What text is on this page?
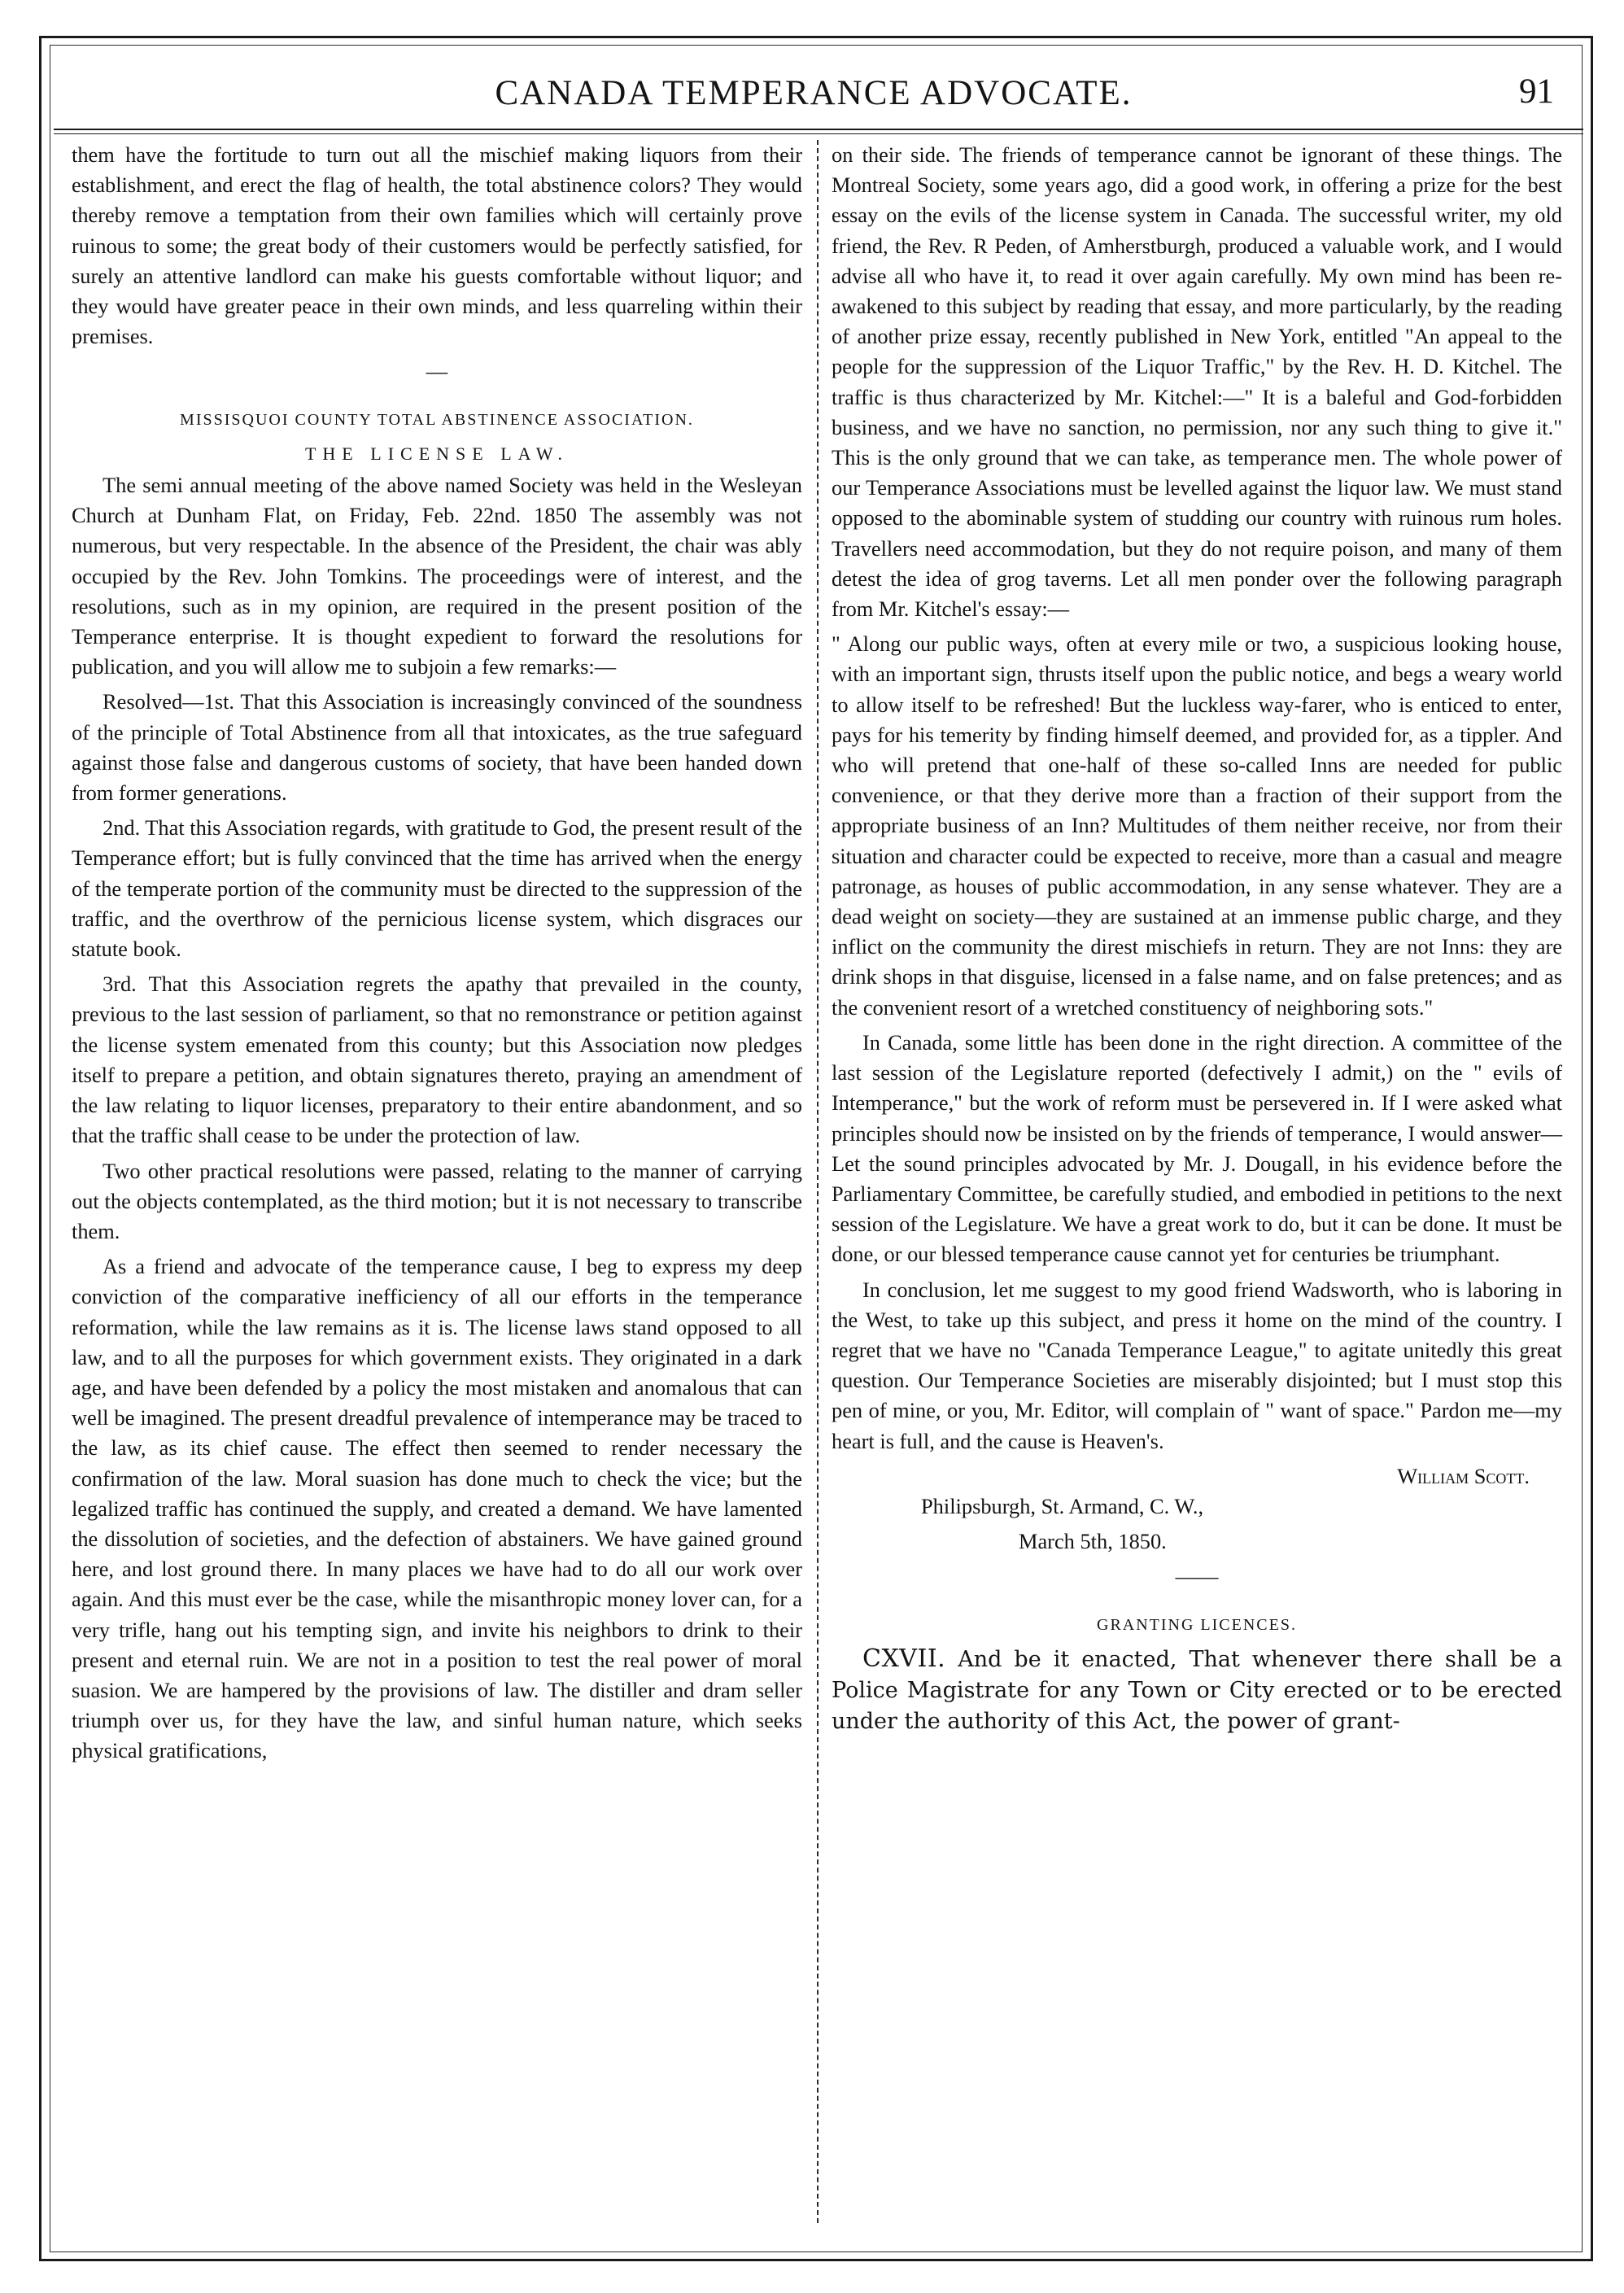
CANADA TEMPERANCE ADVOCATE.	91

them have the fortitude to turn out all the mischief making liquors from their establishment, and erect the flag of health, the total abstinence colors? They would thereby remove a temptation from their own families which will certainly prove ruinous to some; the great body of their customers would be perfectly satisfied, for surely an attentive landlord can make his guests comfortable without liquor; and they would have greater peace in their own minds, and less quarreling within their premises.

—
MISSISQUOI COUNTY TOTAL ABSTINENCE ASSOCIATION.
THE LICENSE LAW.

The semi annual meeting of the above named Society was held in the Wesleyan Church at Dunham Flat, on Friday, Feb. 22nd. 1850 The assembly was not numerous, but very respectable. In the absence of the President, the chair was ably occupied by the Rev. John Tomkins. The proceedings were of interest, and the resolutions, such as in my opinion, are required in the present position of the Temperance enterprise. It is thought expedient to forward the resolutions for publication, and you will allow me to subjoin a few remarks:—

Resolved—1st. That this Association is increasingly convinced of the soundness of the principle of Total Abstinence from all that intoxicates, as the true safeguard against those false and dangerous customs of society, that have been handed down from former generations.

2nd. That this Association regards, with gratitude to God, the present result of the Temperance effort; but is fully convinced that the time has arrived when the energy of the temperate portion of the community must be directed to the suppression of the traffic, and the overthrow of the pernicious license system, which disgraces our statute book.

3rd. That this Association regrets the apathy that prevailed in the county, previous to the last session of parliament, so that no remonstrance or petition against the license system emenated from this county; but this Association now pledges itself to prepare a petition, and obtain signatures thereto, praying an amendment of the law relating to liquor licenses, preparatory to their entire abandonment, and so that the traffic shall cease to be under the protection of law.

Two other practical resolutions were passed, relating to the manner of carrying out the objects contemplated, as the third motion; but it is not necessary to transcribe them.

As a friend and advocate of the temperance cause, I beg to express my deep conviction of the comparative inefficiency of all our efforts in the temperance reformation, while the law remains as it is. The license laws stand opposed to all law, and to all the purposes for which government exists. They originated in a dark age, and have been defended by a policy the most mistaken and anomalous that can well be imagined. The present dreadful prevalence of intemperance may be traced to the law, as its chief cause. The effect then seemed to render necessary the confirmation of the law. Moral suasion has done much to check the vice; but the legalized traffic has continued the supply, and created a demand. We have lamented the dissolution of societies, and the defection of abstainers. We have gained ground here, and lost ground there. In many places we have had to do all our work over again. And this must ever be the case, while the misanthropic money lover can, for a very trifle, hang out his tempting sign, and invite his neighbors to drink to their present and eternal ruin. We are not in a position to test the real power of moral suasion. We are hampered by the provisions of law. The distiller and dram seller triumph over us, for they have the law, and sinful human nature, which seeks physical gratifications,

on their side. The friends of temperance cannot be ignorant of these things. The Montreal Society, some years ago, did a good work, in offering a prize for the best essay on the evils of the license system in Canada. The successful writer, my old friend, the Rev. R Peden, of Amherstburgh, produced a valuable work, and I would advise all who have it, to read it over again carefully. My own mind has been re-awakened to this subject by reading that essay, and more particularly, by the reading of another prize essay, recently published in New York, entitled "An appeal to the people for the suppression of the Liquor Traffic," by the Rev. H. D. Kitchel. The traffic is thus characterized by Mr. Kitchel:—" It is a baleful and God-forbidden business, and we have no sanction, no permission, nor any such thing to give it." This is the only ground that we can take, as temperance men. The whole power of our Temperance Associations must be levelled against the liquor law. We must stand opposed to the abominable system of studding our country with ruinous rum holes. Travellers need accommodation, but they do not require poison, and many of them detest the idea of grog taverns. Let all men ponder over the following paragraph from Mr. Kitchel's essay:—

" Along our public ways, often at every mile or two, a suspicious looking house, with an important sign, thrusts itself upon the public notice, and begs a weary world to allow itself to be refreshed! But the luckless way-farer, who is enticed to enter, pays for his temerity by finding himself deemed, and provided for, as a tippler. And who will pretend that one-half of these so-called Inns are needed for public convenience, or that they derive more than a fraction of their support from the appropriate business of an Inn? Multitudes of them neither receive, nor from their situation and character could be expected to receive, more than a casual and meagre patronage, as houses of public accommodation, in any sense whatever. They are a dead weight on society—they are sustained at an immense public charge, and they inflict on the community the direst mischiefs in return. They are not Inns: they are drink shops in that disguise, licensed in a false name, and on false pretences; and as the convenient resort of a wretched constituency of neighboring sots."

In Canada, some little has been done in the right direction. A committee of the last session of the Legislature reported (defectively I admit,) on the " evils of Intemperance," but the work of reform must be persevered in. If I were asked what principles should now be insisted on by the friends of temperance, I would answer—Let the sound principles advocated by Mr. J. Dougall, in his evidence before the Parliamentary Committee, be carefully studied, and embodied in petitions to the next session of the Legislature. We have a great work to do, but it can be done. It must be done, or our blessed temperance cause cannot yet for centuries be triumphant.

In conclusion, let me suggest to my good friend Wadsworth, who is laboring in the West, to take up this subject, and press it home on the mind of the country. I regret that we have no "Canada Temperance League," to agitate unitedly this great question. Our Temperance Societies are miserably disjointed; but I must stop this pen of mine, or you, Mr. Editor, will complain of " want of space." Pardon me—my heart is full, and the cause is Heaven's.

William Scott.

Philipsburgh, St. Armand, C. W.,

March 5th, 1850.

——
GRANTING LICENCES.

CXVII. And be it enacted, That whenever there shall be a Police Magistrate for any Town or City erected or to be erected under the authority of this Act, the power of grant-
